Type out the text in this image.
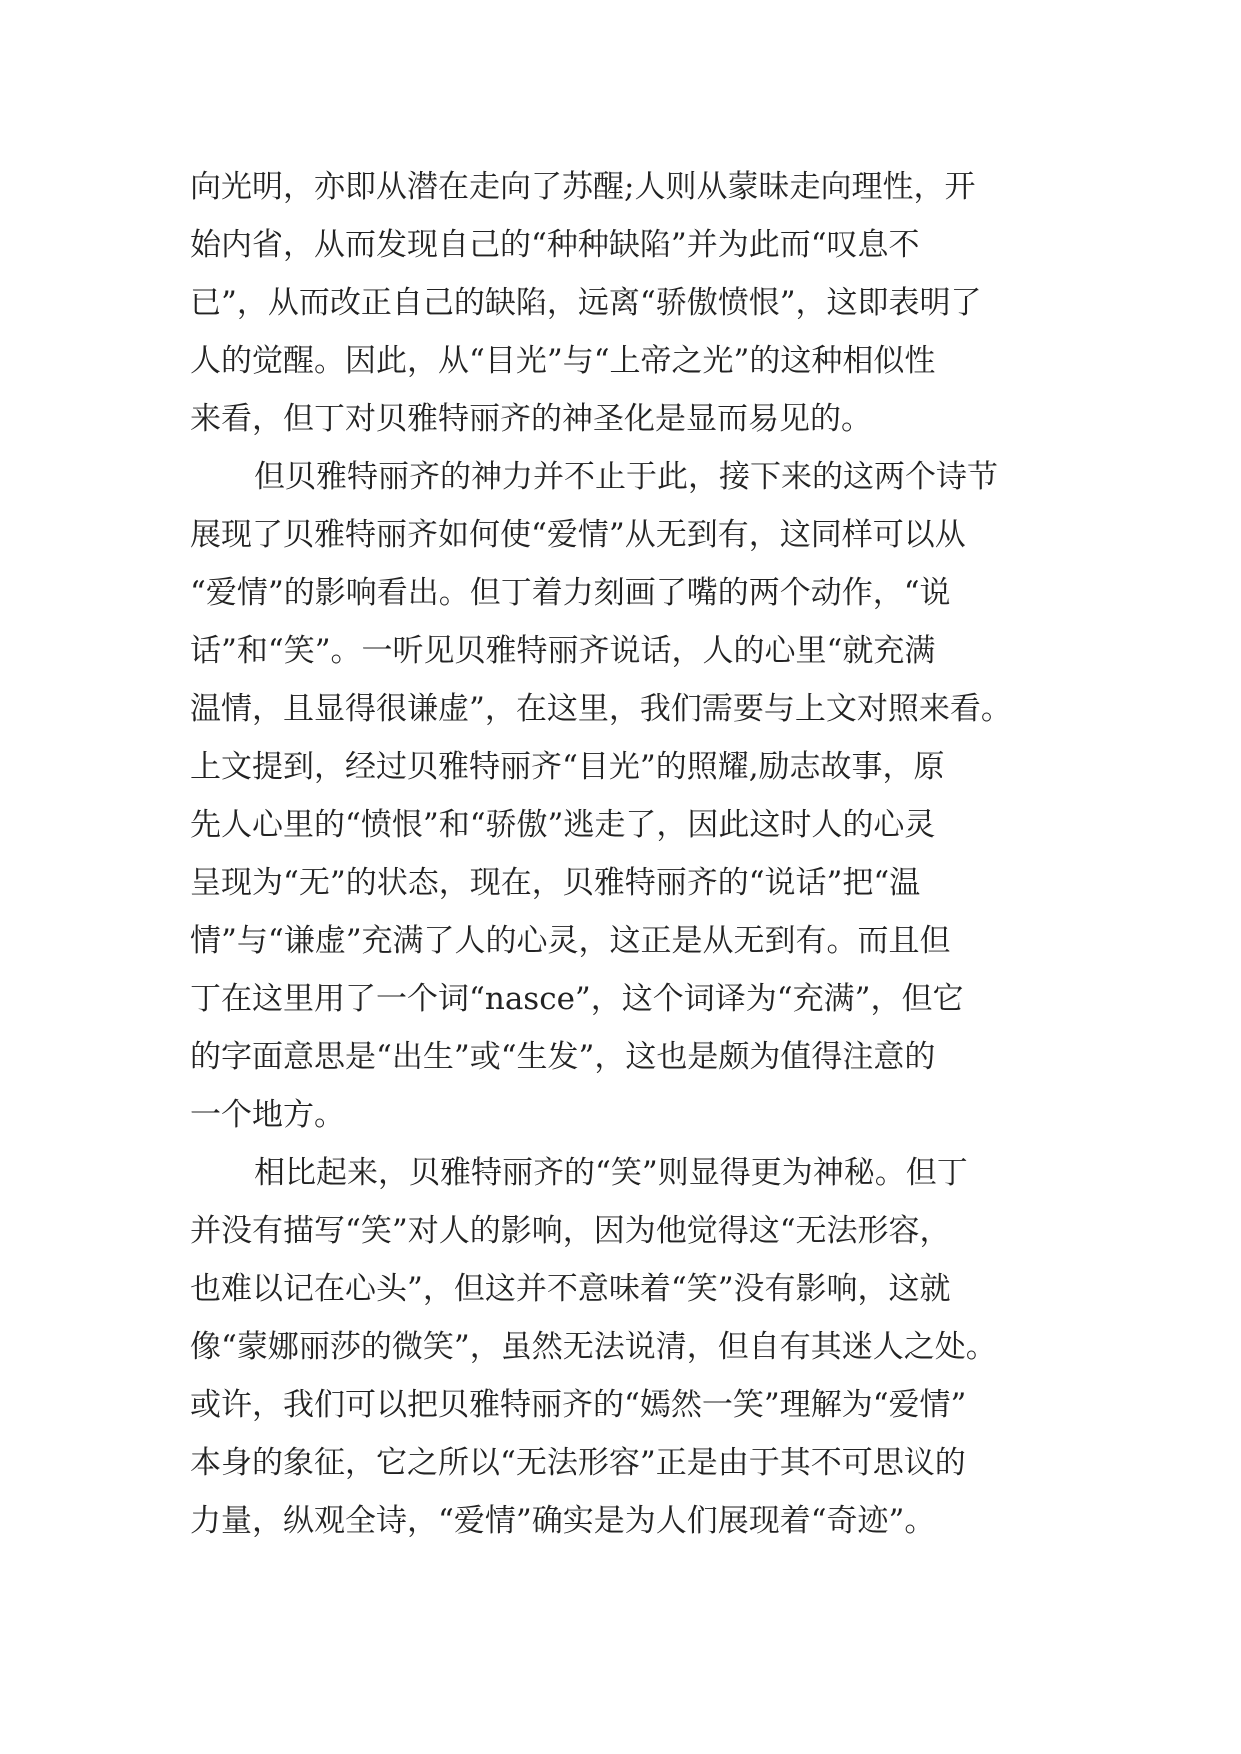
向光明，亦即从潜在走向了苏醒;人则从蒙昧走向理性，开
始内省，从而发现自己的“种种缺陷”并为此而“叹息不
已”，从而改正自己的缺陷，远离“骄傲愤恨”，这即表明了
人的觉醒。因此，从“目光”与“上帝之光”的这种相似性
来看，但丁对贝雅特丽齐的神圣化是显而易见的。
但贝雅特丽齐的神力并不止于此，接下来的这两个诗节
展现了贝雅特丽齐如何使“爱情”从无到有，这同样可以从
“爱情”的影响看出。但丁着力刻画了嘴的两个动作，“说
话”和“笑”。一听见贝雅特丽齐说话，人的心里“就充满
温情，且显得很谦虚”，在这里，我们需要与上文对照来看。
上文提到，经过贝雅特丽齐“目光”的照耀,励志故事，原
先人心里的“愤恨”和“骄傲”逃走了，因此这时人的心灵
呈现为“无”的状态，现在，贝雅特丽齐的“说话”把“温
情”与“谦虚”充满了人的心灵，这正是从无到有。而且但
丁在这里用了一个词“nasce”，这个词译为“充满”，但它
的字面意思是“出生”或“生发”，这也是颇为值得注意的
一个地方。
相比起来，贝雅特丽齐的“笑”则显得更为神秘。但丁
并没有描写“笑”对人的影响，因为他觉得这“无法形容，
也难以记在心头”，但这并不意味着“笑”没有影响，这就
像“蒙娜丽莎的微笑”，虽然无法说清，但自有其迷人之处。
或许，我们可以把贝雅特丽齐的“嫣然一笑”理解为“爱情”
本身的象征，它之所以“无法形容”正是由于其不可思议的
力量，纵观全诗，“爱情”确实是为人们展现着“奇迹”。
